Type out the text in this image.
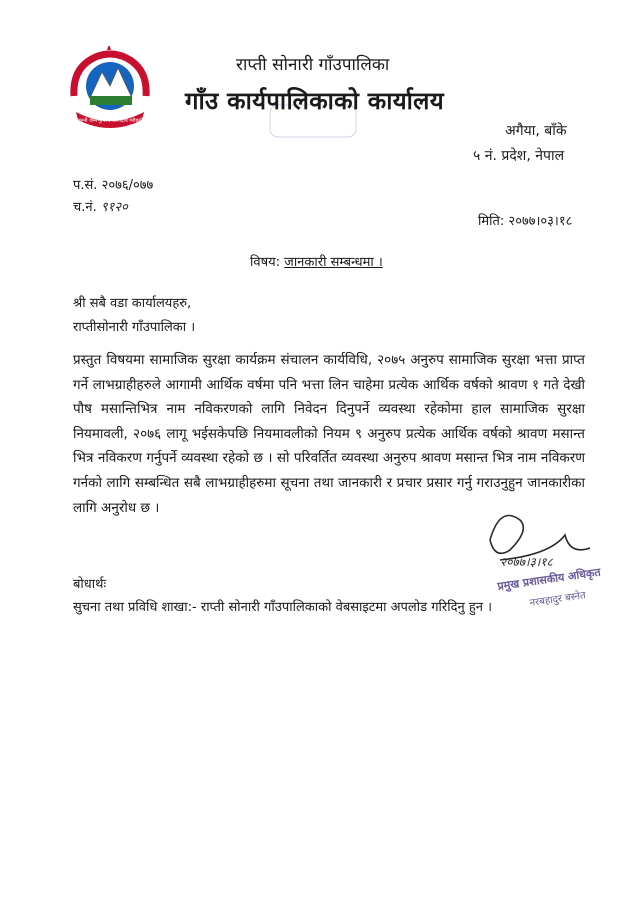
जननी जन्मभूमिश्च स्वर्गादपि गरीयसी
राप्ती सोनारी गाँउपालिका
गाँउ कार्यपालिकाको कार्यालय
अगैया, बाँके
५ नं. प्रदेश, नेपाल
प.सं. २०७६/०७७
च.नं. ९१२०
मिति: २०७७।०३।१८
विषय: जानकारी सम्बन्धमा ।
श्री सबै वडा कार्यालयहरु,
राप्तीसोनारी गाँउपालिका ।
प्रस्तुत विषयमा सामाजिक सुरक्षा कार्यक्रम संचालन कार्यविधि, २०७५ अनुरुप सामाजिक सुरक्षा भत्ता प्राप्त गर्ने लाभग्राहीहरुले आगामी आर्थिक वर्षमा पनि भत्ता लिन चाहेमा प्रत्येक आर्थिक वर्षको श्रावण १ गते देखी पौष मसान्तिभित्र नाम नविकरणको लागि निवेदन दिनुपर्ने व्यवस्था रहेकोमा हाल सामाजिक सुरक्षा नियमावली, २०७६ लागू भईसकेपछि नियमावलीको नियम ९ अनुरुप प्रत्येक आर्थिक वर्षको श्रावण मसान्त भित्र नविकरण गर्नुपर्ने व्यवस्था रहेको छ । सो परिवर्तित व्यवस्था अनुरुप श्रावण मसान्त भित्र नाम नविकरण गर्नको लागि सम्बन्धित सबै लाभग्राहीहरुमा सूचना तथा जानकारी र प्रचार प्रसार गर्नु गराउनुहुन जानकारीका लागि अनुरोध छ ।
२०७७।३।१८
प्रमुख प्रशासकीय अधिकृत
नरबहादुर बस्नेत
बोधार्थः
सुचना तथा प्रविधि शाखा:- राप्ती सोनारी गाँउपालिकाको वेबसाइटमा अपलोड गरिदिनु हुन ।
